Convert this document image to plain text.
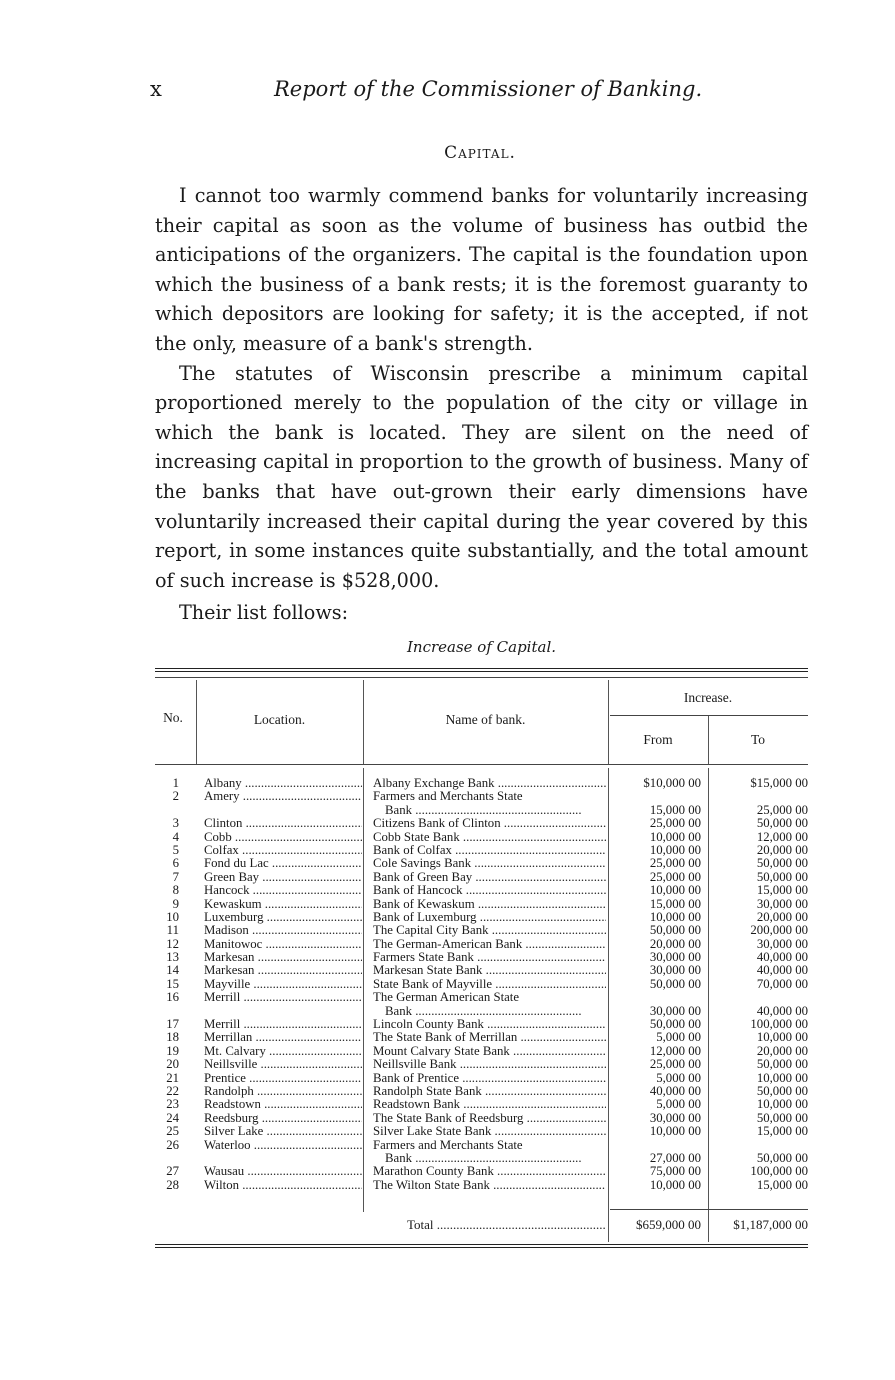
x	Report of the Commissioner of Banking.
Capital.

I cannot too warmly commend banks for voluntarily increasing their capital as soon as the volume of business has outbid the anticipations of the organizers. The capital is the foundation upon which the business of a bank rests; it is the foremost guaranty to which depositors are looking for safety; it is the accepted, if not the only, measure of a bank's strength.

The statutes of Wisconsin prescribe a minimum capital proportioned merely to the population of the city or village in which the bank is located. They are silent on the need of increasing capital in proportion to the growth of business. Many of the banks that have out-grown their early dimensions have voluntarily increased their capital during the year covered by this report, in some instances quite substantially, and the total amount of such increase is $528,000.

Their list follows:

Increase of Capital.
No.	Location.	Name of bank.
Increase.
From	To
1 Albany .....	Albany Exchange Bank .....	$10,000 00	$15,000 00
2 Amery .....	Farmers and Merchants State
Bank .....	15,000 00	25,000 00
3 Clinton .....	Citizens Bank of Clinton .....	25,000 00	50,000 00
4 Cobb .....	Cobb State Bank .....	10,000 00	12,000 00
5 Colfax .....	Bank of Colfax .....	10,000 00	20,000 00
6 Fond du Lac .....	Cole Savings Bank .....	25,000 00	50,000 00
7 Green Bay .....	Bank of Green Bay .....	25,000 00	50,000 00
8 Hancock .....	Bank of Hancock .....	10,000 00	15,000 00
9 Kewaskum .....	Bank of Kewaskum .....	15,000 00	30,000 00
10 Luxemburg .....	Bank of Luxemburg .....	10,000 00	20,000 00
11 Madison .....	The Capital City Bank .....	50,000 00	200,000 00
12 Manitowoc .....	The German-American Bank .....	20,000 00	30,000 00
13 Markesan .....	Farmers State Bank .....	30,000 00	40,000 00
14 Markesan .....	Markesan State Bank .....	30,000 00	40,000 00
15 Mayville .....	State Bank of Mayville .....	50,000 00	70,000 00
16 Merrill .....	The German American State
Bank .....	30,000 00	40,000 00
17 Merrill .....	Lincoln County Bank .....	50,000 00	100,000 00
18 Merrillan .....	The State Bank of Merrillan .....	5,000 00	10,000 00
19 Mt. Calvary .....	Mount Calvary State Bank .....	12,000 00	20,000 00
20 Neillsville .....	Neillsville Bank .....	25,000 00	50,000 00
21 Prentice .....	Bank of Prentice .....	5,000 00	10,000 00
22 Randolph .....	Randolph State Bank .....	40,000 00	50,000 00
23 Readstown .....	Readstown Bank .....	5,000 00	10,000 00
24 Reedsburg .....	The State Bank of Reedsburg .....	30,000 00	50,000 00
25 Silver Lake .....	Silver Lake State Bank .....	10,000 00	15,000 00
26 Waterloo .....	Farmers and Merchants State
Bank .....	27,000 00	50,000 00
27 Wausau .....	Marathon County Bank .....	75,000 00	100,000 00
28 Wilton .....	The Wilton State Bank .....	10,000 00	15,000 00
Total .....	$659,000 00	$1,187,000 00
